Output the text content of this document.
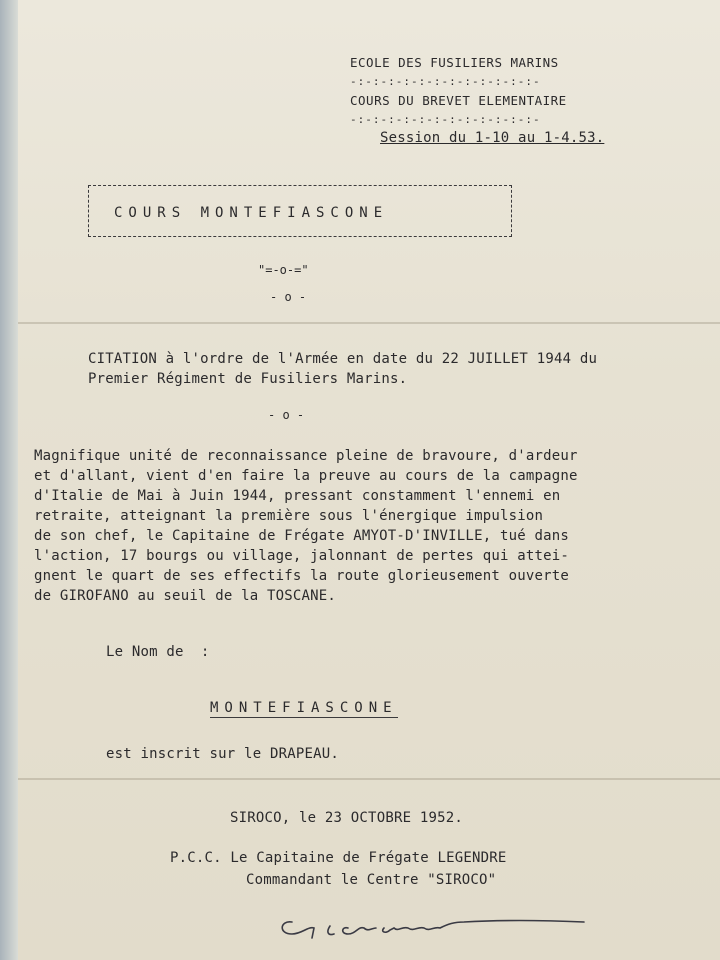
ECOLE DES FUSILIERS MARINS
-:-:-:-:-:-:-:-:-:-:-:-:-
COURS DU BREVET ELEMENTAIRE
-:-:-:-:-:-:-:-:-:-:-:-:-
Session du 1-10 au 1-4.53.
COURS MONTEFIASCONE
"=-o-="
- o -
CITATION à l'ordre de l'Armée en date du 22 JUILLET 1944 du
Premier Régiment de Fusiliers Marins.
- o -
Magnifique unité de reconnaissance pleine de bravoure, d'ardeur
et d'allant, vient d'en faire la preuve au cours de la campagne
d'Italie de Mai à Juin 1944, pressant constamment l'ennemi en
retraite, atteignant la première sous l'énergique impulsion
de son chef, le Capitaine de Frégate AMYOT-D'INVILLE, tué dans
l'action, 17 bourgs ou village, jalonnant de pertes qui attei-
gnent le quart de ses effectifs la route glorieusement ouverte
de GIROFANO au seuil de la TOSCANE.
Le Nom de  :
MONTEFIASCONE
est inscrit sur le DRAPEAU.
SIROCO, le 23 OCTOBRE 1952.
P.C.C. Le Capitaine de Frégate LEGENDRE
Commandant le Centre "SIROCO"
